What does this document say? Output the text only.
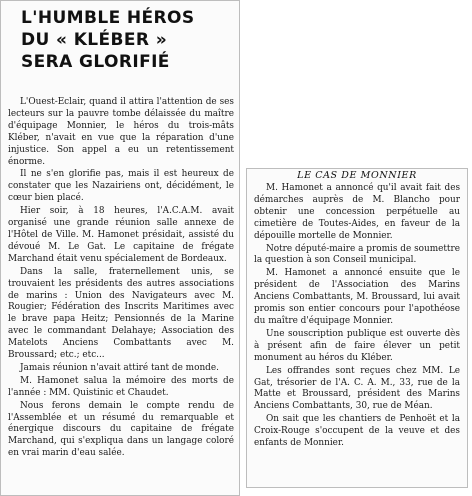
L'HUMBLE HÉROS
DU « KLÉBER »
SERA GLORIFIÉ

L'Ouest-Eclair, quand il attira l'attention de ses lecteurs sur la pauvre tombe délaissée du maître d'équipage Monnier, le héros du trois-mâts Kléber, n'avait en vue que la réparation d'une injustice. Son appel a eu un retentissement énorme.

Il ne s'en glorifie pas, mais il est heureux de constater que les Nazairiens ont, décidément, le cœur bien placé.

Hier soir, à 18 heures, l'A.C.A.M. avait organisé une grande réunion salle annexe de l'Hôtel de Ville. M. Hamonet présidait, assisté du dévoué M. Le Gat. Le capitaine de frégate Marchand était venu spécialement de Bordeaux.

Dans la salle, fraternellement unis, se trouvaient les présidents des autres associations de marins : Union des Navigateurs avec M. Rougier; Fédération des Inscrits Maritimes avec le brave papa Heitz; Pensionnés de la Marine avec le commandant Delahaye; Association des Matelots Anciens Combattants avec M. Broussard; etc.; etc...

Jamais réunion n'avait attiré tant de monde.

M. Hamonet salua la mémoire des morts de l'année : MM. Quistinic et Chaudet.

Nous ferons demain le compte rendu de l'Assemblée et un résumé du remarquable et énergique discours du capitaine de frégate Marchand, qui s'expliqua dans un langage coloré en vrai marin d'eau salée.

LE CAS DE MONNIER

M. Hamonet a annoncé qu'il avait fait des démarches auprès de M. Blancho pour obtenir une concession perpétuelle au cimetière de Toutes-Aides, en faveur de la dépouille mortelle de Monnier.

Notre député-maire a promis de soumettre la question à son Conseil municipal.

M. Hamonet a annoncé ensuite que le président de l'Association des Marins Anciens Combattants, M. Broussard, lui avait promis son entier concours pour l'apothéose du maître d'équipage Monnier.

Une souscription publique est ouverte dès à présent afin de faire élever un petit monument au héros du Kléber.

Les offrandes sont reçues chez MM. Le Gat, trésorier de l'A. C. A. M., 33, rue de la Matte et Broussard, président des Marins Anciens Combattants, 30, rue de Méan.

On sait que les chantiers de Penhoët et la Croix-Rouge s'occupent de la veuve et des enfants de Monnier.
